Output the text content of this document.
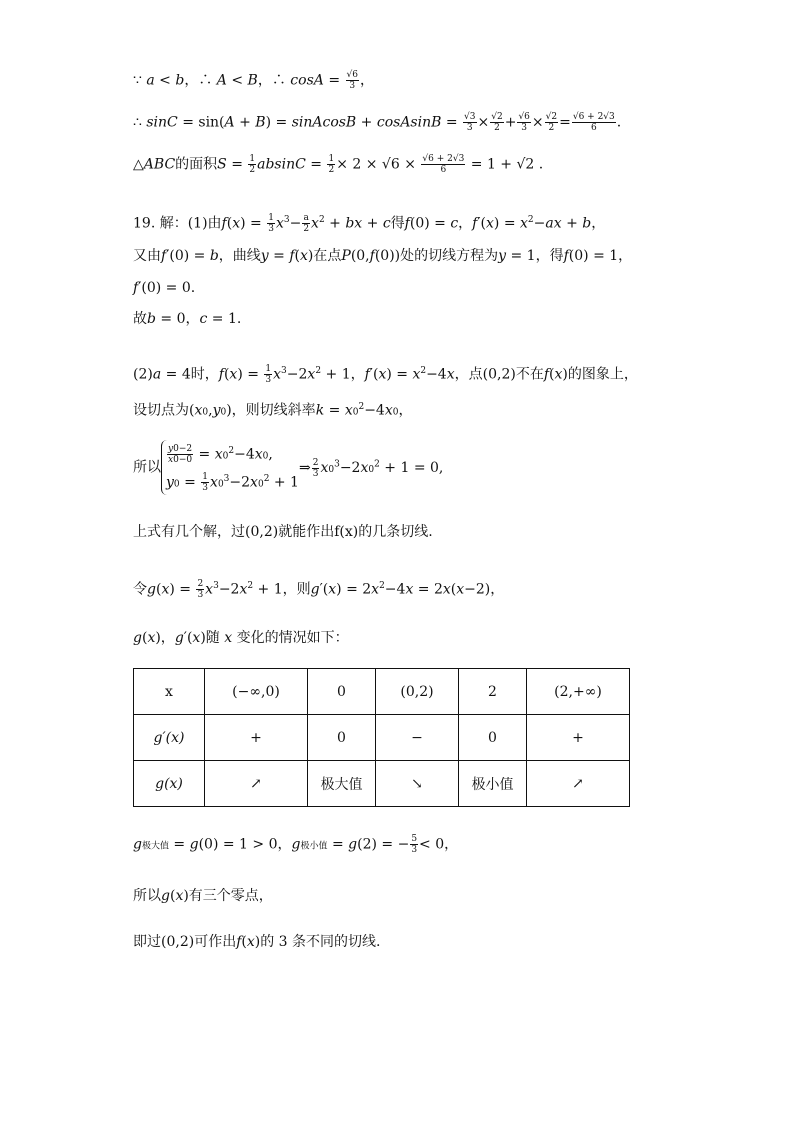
∵ a < b，∴ A < B，∴ $\cos A = \frac{√6}{3}$ ，
∴ sinC = sin(A + B) = sinAcosB + cosAsinB = $\frac{√3}{3} \times \frac{√2}{2} + \frac{√6}{3} \times \frac{√2}{2} = \frac{√6 + 2√3}{6}$ .
△ABC的面积$S = \frac{1}{2}$ $absinC = \frac{1}{2} \times 2 \times √6 \times \frac{√6 + 2√3}{6} = 1 + √2$ .
19. 解：(1)由$f(x) = \frac{1}{3} x^3- \frac{a}{2} x^2$ + bx + c得f(0) = c，$f'(x) = x^2-ax + b$，
又由f′(0) = b，曲线y = f(x)在点P(0,f(0))处的切线方程为y = 1，得f(0) = 1，
f′(0) = 0.
故b = 0，c = 1.
(2)a = 4时，$f(x) = \frac{1}{3} x^3-2x^2 + 1$，$f'(x) = x^2-4x$，点(0,2)不在f(x)的图象上，
设切点为(x0,y0)，则切线斜率$k = x0^2-4x0$，
所以
$\frac{y0-2}{x0-0} = x0^2-4x0$,
$y0 = \frac{1}{3} x0^3-2x0^2 + 1$
⇒ $\frac{2}{3} x0^3-2x0^2 + 1 = 0$,
上式有几个解，过(0,2)就能作出f(x)的几条切线.
令$g(x) = \frac{2}{3} x^3-2x^2 + 1$，则$g'(x) = 2x^2-4x = 2x(x-2)$，
g(x)，g′(x)随 x 变化的情况如下：
x	(−∞,0)	0	(0,2)	2	(2,+∞)
g′(x)	+	0	−	0	+
g(x)	↗	极大值	↘	极小值	↗
g极大值 = g(0) = 1 > 0，g极小值 = g(2) = − $\frac{5}{3} < 0$，
所以g(x)有三个零点，
即过(0,2)可作出f(x)的 3 条不同的切线.
